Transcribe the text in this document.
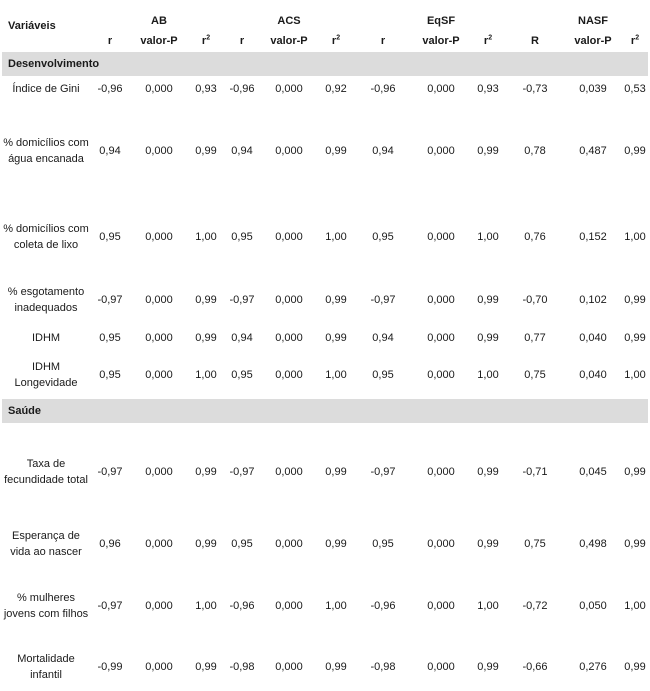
Variáveis		AB			ACS			EqSF			NASF	
	r	valor-P	$r^2$	r	valor-P	$r^2$	r	valor-P	$r^2$	R	valor-P	$r^2$
Desenvolvimento												
Índice de Gini	-0,96	0,000	0,93	-0,96	0,000	0,92	-0,96	0,000	0,93	-0,73	0,039	0,53
% domicílios com água encanada	0,94	0,000	0,99	0,94	0,000	0,99	0,94	0,000	0,99	0,78	0,487	0,99
% domicílios com coleta de lixo	0,95	0,000	1,00	0,95	0,000	1,00	0,95	0,000	1,00	0,76	0,152	1,00
% esgotamento inadequados	-0,97	0,000	0,99	-0,97	0,000	0,99	-0,97	0,000	0,99	-0,70	0,102	0,99
IDHM	0,95	0,000	0,99	0,94	0,000	0,99	0,94	0,000	0,99	0,77	0,040	0,99
IDHM Longevidade	0,95	0,000	1,00	0,95	0,000	1,00	0,95	0,000	1,00	0,75	0,040	1,00
Saúde												
Taxa de fecundidade total	-0,97	0,000	0,99	-0,97	0,000	0,99	-0,97	0,000	0,99	-0,71	0,045	0,99
Esperança de vida ao nascer	0,96	0,000	0,99	0,95	0,000	0,99	0,95	0,000	0,99	0,75	0,498	0,99
% mulheres jovens com filhos	-0,97	0,000	1,00	-0,96	0,000	1,00	-0,96	0,000	1,00	-0,72	0,050	1,00
Mortalidade infantil	-0,99	0,000	0,99	-0,98	0,000	0,99	-0,98	0,000	0,99	-0,66	0,276	0,99
